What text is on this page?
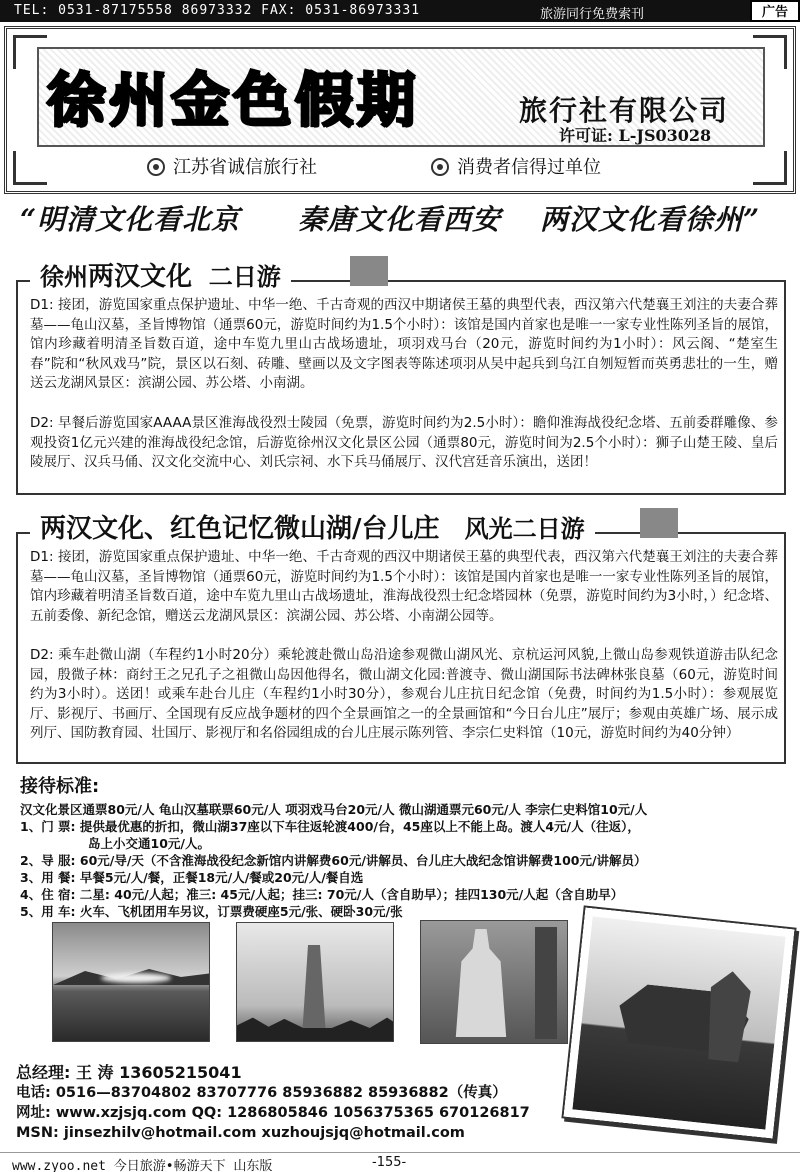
TEL: 0531-87175558 86973332 FAX: 0531-86973331	旅游同行免费索刊	广告
徐州金色假期	旅行社有限公司
许可证: L-JS03028
江苏省诚信旅行社	消费者信得过单位
“明清文化看北京 秦唐文化看西安 两汉文化看徐州”
徐州两汉文化 二日游
D1: 接团，游览国家重点保护遗址、中华一绝、千古奇观的西汉中期诸侯王墓的典型代表，西汉第六代楚襄王刘注的夫妻合葬墓——龟山汉墓，圣旨博物馆（通票60元，游览时间约为1.5个小时）：该馆是国内首家也是唯一一家专业性陈列圣旨的展馆，馆内珍藏着明清圣旨数百道，途中车览九里山古战场遗址，项羽戏马台（20元，游览时间约为1小时）：风云阁、“楚室生春”院和“秋风戏马”院，景区以石刻、砖雕、壁画以及文字图表等陈述项羽从吴中起兵到乌江自刎短暂而英勇悲壮的一生，赠送云龙湖风景区：滨湖公园、苏公塔、小南湖。
D2: 早餐后游览国家AAAA景区淮海战役烈士陵园（免票，游览时间约为2.5小时）：瞻仰淮海战役纪念塔、五前委群雕像、参观投资1亿元兴建的淮海战役纪念馆，后游览徐州汉文化景区公园（通票80元，游览时间为2.5个小时）：狮子山楚王陵、皇后陵展厅、汉兵马俑、汉文化交流中心、刘氏宗祠、水下兵马俑展厅、汉代宫廷音乐演出，送团！
两汉文化、红色记忆微山湖/台儿庄 风光二日游
D1: 接团，游览国家重点保护遗址、中华一绝、千古奇观的西汉中期诸侯王墓的典型代表，西汉第六代楚襄王刘注的夫妻合葬墓——龟山汉墓，圣旨博物馆（通票60元，游览时间约为1.5个小时）：该馆是国内首家也是唯一一家专业性陈列圣旨的展馆，馆内珍藏着明清圣旨数百道，途中车览九里山古战场遗址，淮海战役烈士纪念塔园林（免票，游览时间约为3小时，）纪念塔、五前委像、新纪念馆，赠送云龙湖风景区：滨湖公园、苏公塔、小南湖公园等。
D2: 乘车赴微山湖（车程约1小时20分）乘轮渡赴微山岛沿途参观微山湖风光、京杭运河风貌,上微山岛参观铁道游击队纪念园，殷微子林：商纣王之兄孔子之祖微山岛因他得名，微山湖文化园:普渡寺、微山湖国际书法碑林张良墓（60元，游览时间约为3小时）。送团！或乘车赴台儿庄（车程约1小时30分），参观台儿庄抗日纪念馆（免费，时间约为1.5小时）：参观展览厅、影视厅、书画厅、全国现有反应战争题材的四个全景画馆之一的全景画馆和“今日台儿庄”展厅；参观由英雄广场、展示成列厅、国防教育园、壮国厅、影视厅和名俗园组成的台儿庄展示陈列管、李宗仁史料馆（10元，游览时间约为40分钟）
接待标准:
汉文化景区通票80元/人 龟山汉墓联票60元/人 项羽戏马台20元/人 微山湖通票元60元/人 李宗仁史料馆10元/人
1、门 票: 提供最优惠的折扣，微山湖37座以下车往返轮渡400/台，45座以上不能上岛。渡人4元/人（往返），
岛上小交通10元/人。
2、导 服: 60元/导/天（不含淮海战役纪念新馆内讲解费60元/讲解员、台儿庄大战纪念馆讲解费100元/讲解员）
3、用 餐: 早餐5元/人/餐，正餐18元/人/餐或20元/人/餐自选
4、住 宿: 二星: 40元/人起；准三: 45元/人起；挂三: 70元/人（含自助早）；挂四130元/人起（含自助早）
5、用 车: 火车、飞机团用车另议，订票费硬座5元/张、硬卧30元/张
总经理: 王 涛 13605215041
电话: 0516—83704802 83707776 85936882 85936882（传真）
网址: www.xzjsjq.com QQ: 1286805846 1056375365 670126817
MSN: jinsezhilv@hotmail.com xuzhoujsjq@hotmail.com
www.zyoo.net 今日旅游•畅游天下 山东版	-155-
